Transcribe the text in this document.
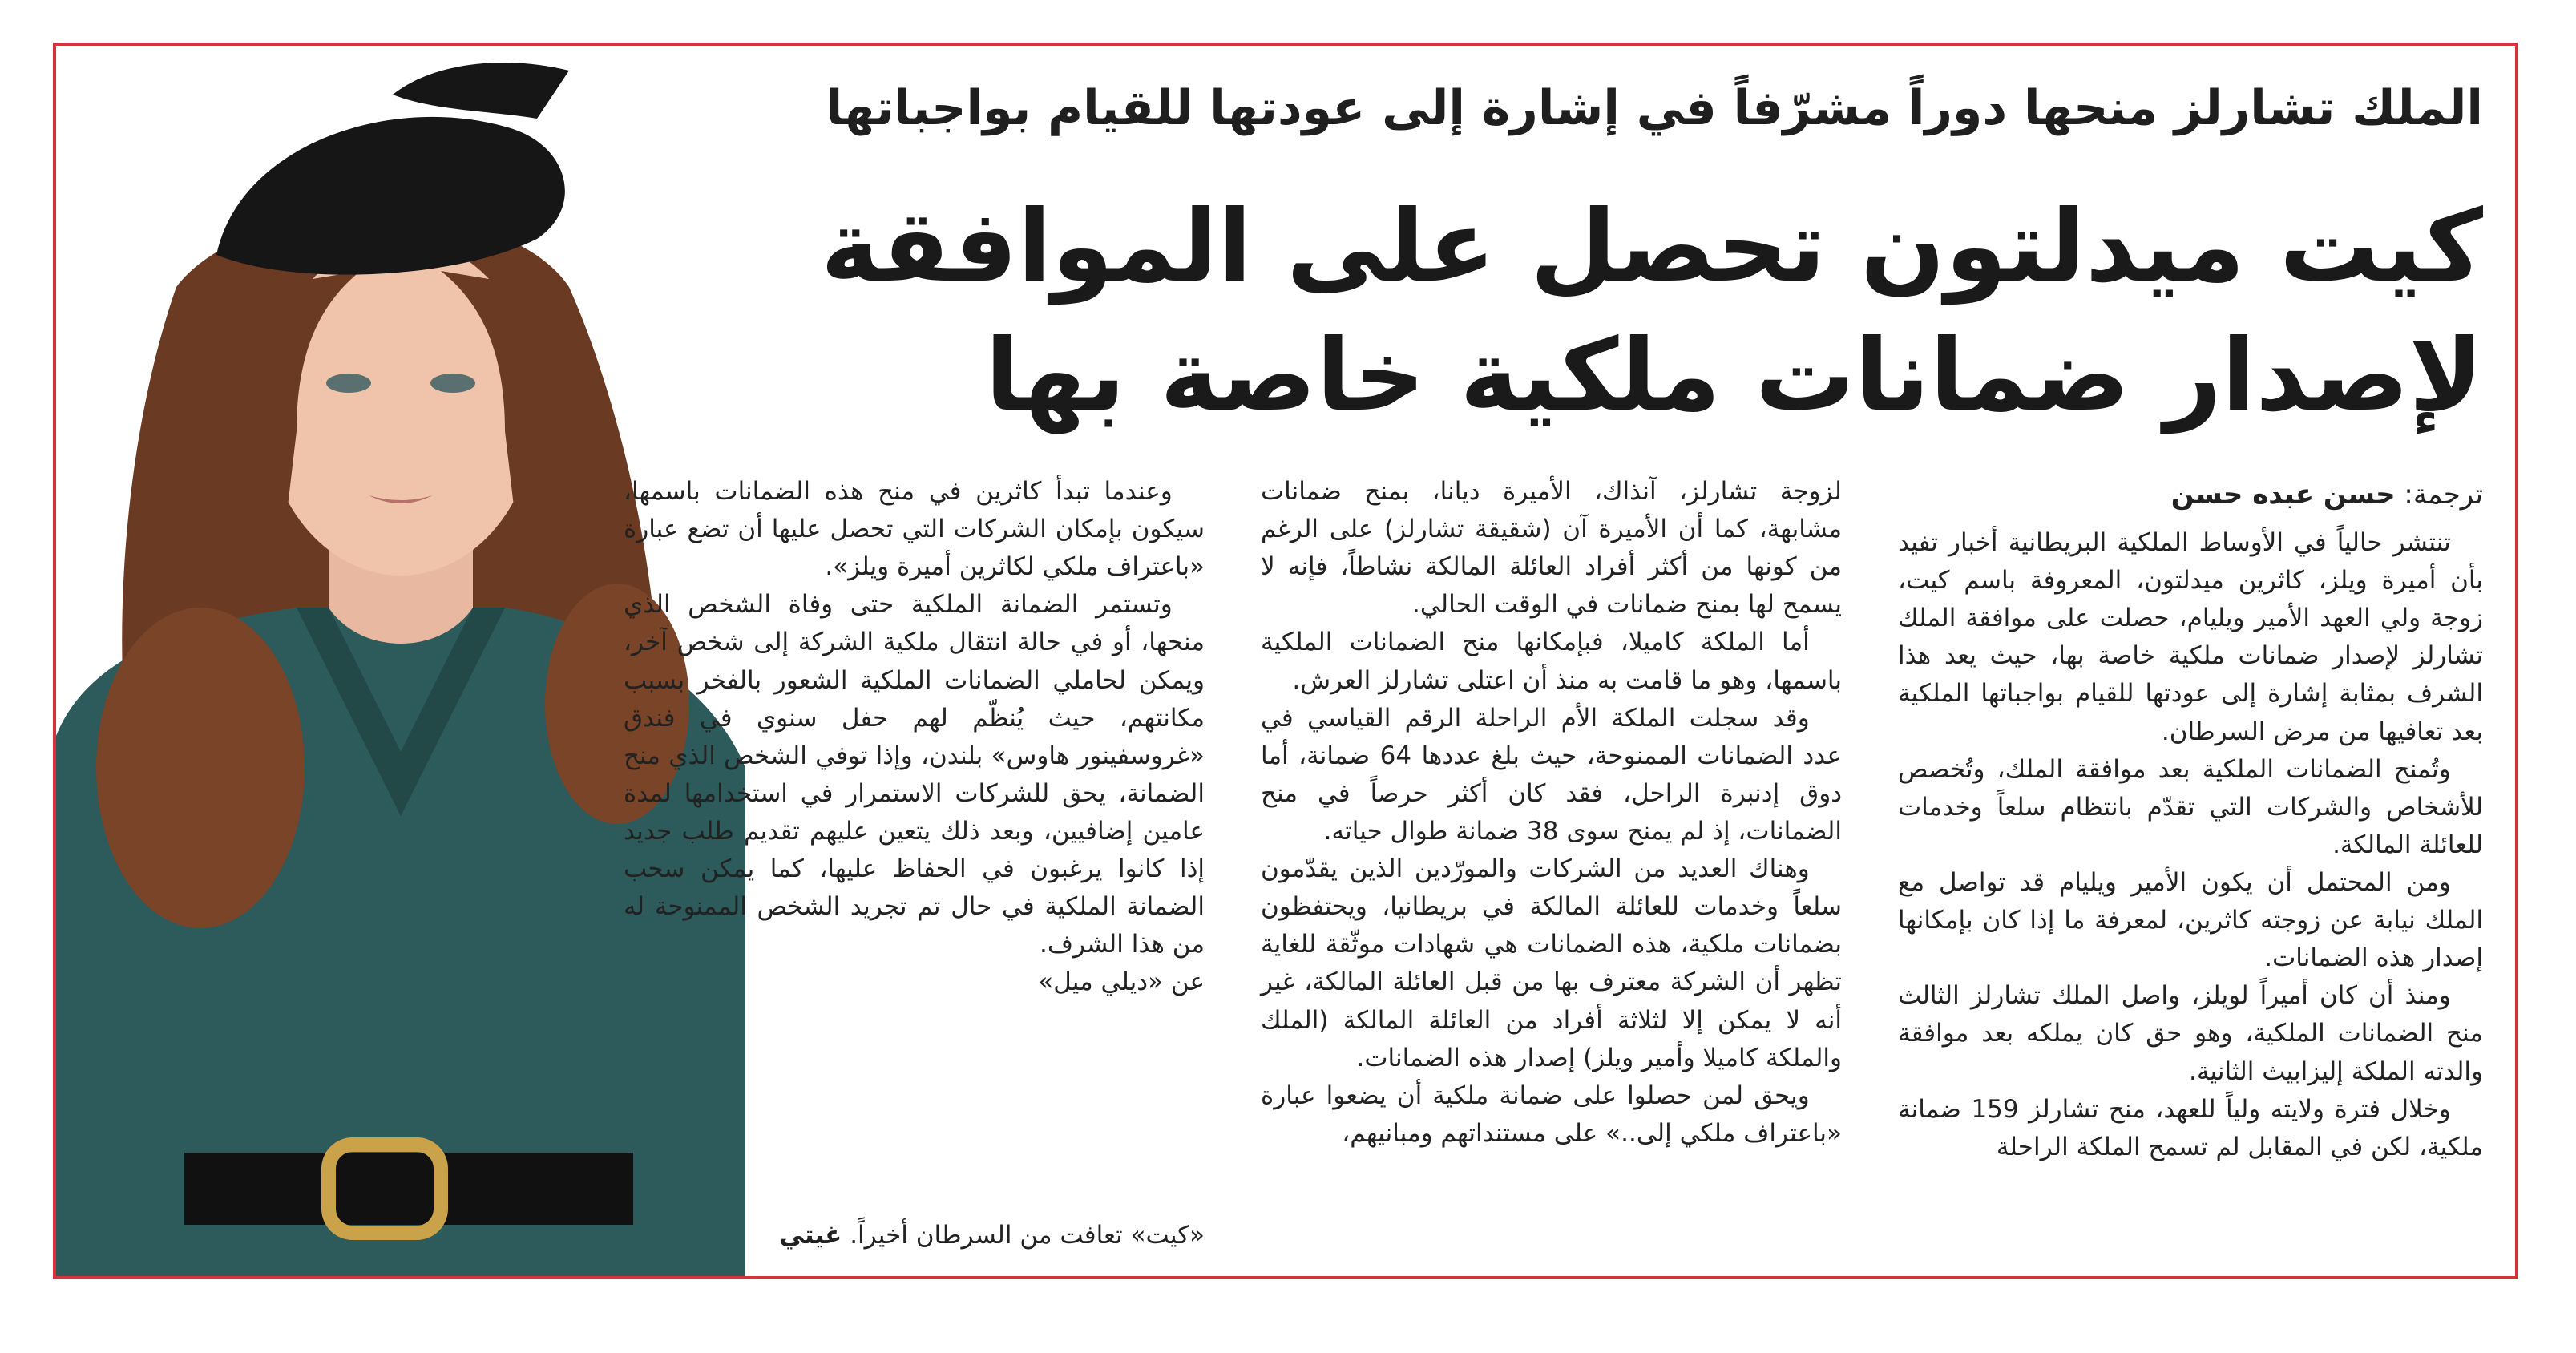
الملك تشارلز منحها دوراً مشرّفاً في إشارة إلى عودتها للقيام بواجباتها
كيت ميدلتون تحصل على الموافقة
لإصدار ضمانات ملكية خاصة بها
ترجمة: حسن عبده حسن

تنتشر حالياً في الأوساط الملكية البريطانية أخبار تفيد بأن أميرة ويلز، كاثرين ميدلتون، المعروفة باسم كيت، زوجة ولي العهد الأمير ويليام، حصلت على موافقة الملك تشارلز لإصدار ضمانات ملكية خاصة بها، حيث يعد هذا الشرف بمثابة إشارة إلى عودتها للقيام بواجباتها الملكية بعد تعافيها من مرض السرطان.

وتُمنح الضمانات الملكية بعد موافقة الملك، وتُخصص للأشخاص والشركات التي تقدّم بانتظام سلعاً وخدمات للعائلة المالكة.

ومن المحتمل أن يكون الأمير ويليام قد تواصل مع الملك نيابة عن زوجته كاثرين، لمعرفة ما إذا كان بإمكانها إصدار هذه الضمانات.

ومنذ أن كان أميراً لويلز، واصل الملك تشارلز الثالث منح الضمانات الملكية، وهو حق كان يملكه بعد موافقة والدته الملكة إليزابيث الثانية.

وخلال فترة ولايته ولياً للعهد، منح تشارلز 159 ضمانة ملكية، لكن في المقابل لم تسمح الملكة الراحلة

لزوجة تشارلز، آنذاك، الأميرة ديانا، بمنح ضمانات مشابهة، كما أن الأميرة آن (شقيقة تشارلز) على الرغم من كونها من أكثر أفراد العائلة المالكة نشاطاً، فإنه لا يسمح لها بمنح ضمانات في الوقت الحالي.

أما الملكة كاميلا، فبإمكانها منح الضمانات الملكية باسمها، وهو ما قامت به منذ أن اعتلى تشارلز العرش.

وقد سجلت الملكة الأم الراحلة الرقم القياسي في عدد الضمانات الممنوحة، حيث بلغ عددها 64 ضمانة، أما دوق إدنبرة الراحل، فقد كان أكثر حرصاً في منح الضمانات، إذ لم يمنح سوى 38 ضمانة طوال حياته.

وهناك العديد من الشركات والمورّدين الذين يقدّمون سلعاً وخدمات للعائلة المالكة في بريطانيا، ويحتفظون بضمانات ملكية، هذه الضمانات هي شهادات موثّقة للغاية تظهر أن الشركة معترف بها من قبل العائلة المالكة، غير أنه لا يمكن إلا لثلاثة أفراد من العائلة المالكة (الملك والملكة كاميلا وأمير ويلز) إصدار هذه الضمانات.

ويحق لمن حصلوا على ضمانة ملكية أن يضعوا عبارة «باعتراف ملكي إلى..» على مستنداتهم ومبانيهم،

وعندما تبدأ كاثرين في منح هذه الضمانات باسمها، سيكون بإمكان الشركات التي تحصل عليها أن تضع عبارة «باعتراف ملكي لكاثرين أميرة ويلز».

وتستمر الضمانة الملكية حتى وفاة الشخص الذي منحها، أو في حالة انتقال ملكية الشركة إلى شخص آخر، ويمكن لحاملي الضمانات الملكية الشعور بالفخر بسبب مكانتهم، حيث يُنظّم لهم حفل سنوي في فندق «غروسفينور هاوس» بلندن، وإذا توفي الشخص الذي منح الضمانة، يحق للشركات الاستمرار في استخدامها لمدة عامين إضافيين، وبعد ذلك يتعين عليهم تقديم طلب جديد إذا كانوا يرغبون في الحفاظ عليها، كما يمكن سحب الضمانة الملكية في حال تم تجريد الشخص الممنوحة له من هذا الشرف.

عن «ديلي ميل»

«كيت» تعافت من السرطان أخيراً. غيتي
